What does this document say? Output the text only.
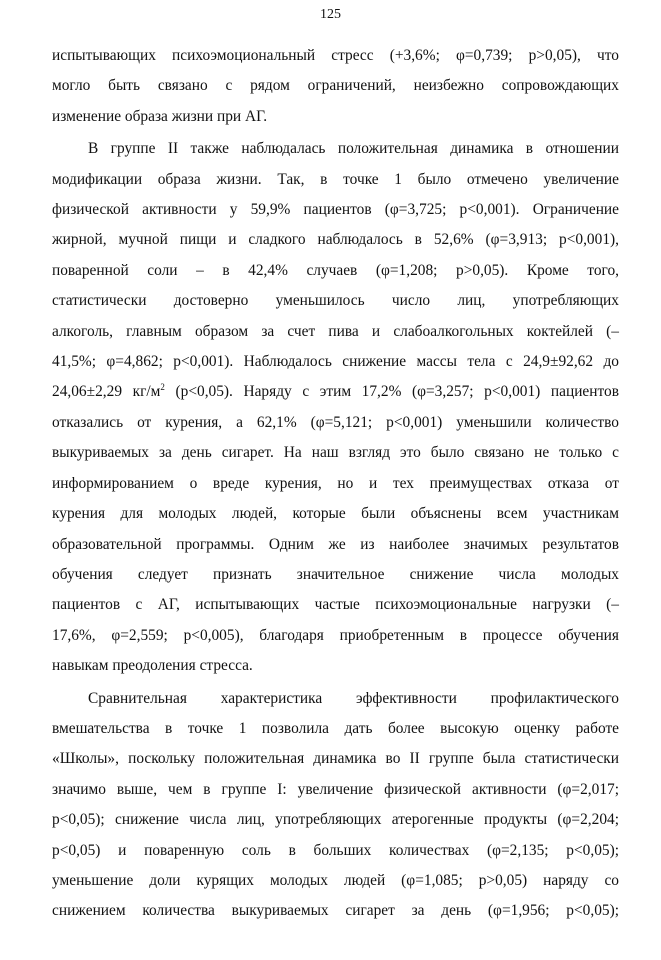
125

испытывающих психоэмоциональный стресс (+3,6%; φ=0,739; p>0,05), что
могло быть связано с рядом ограничений, неизбежно сопровождающих
изменение образа жизни при АГ.

В группе II также наблюдалась положительная динамика в отношении
модификации образа жизни. Так, в точке 1 было отмечено увеличение
физической активности у 59,9% пациентов (φ=3,725; p<0,001). Ограничение
жирной, мучной пищи и сладкого наблюдалось в 52,6% (φ=3,913; p<0,001),
поваренной соли – в 42,4% случаев (φ=1,208; p>0,05). Кроме того,
статистически достоверно уменьшилось число лиц, употребляющих
алкоголь, главным образом за счет пива и слабоалкогольных коктейлей (–
41,5%; φ=4,862; p<0,001). Наблюдалось снижение массы тела с 24,9±92,62 до
24,06±2,29 $кг/м^2$ (p<0,05). Наряду с этим 17,2% (φ=3,257; p<0,001) пациентов
отказались от курения, а 62,1% (φ=5,121; p<0,001) уменьшили количество
выкуриваемых за день сигарет. На наш взгляд это было связано не только с
информированием о вреде курения, но и тех преимуществах отказа от
курения для молодых людей, которые были объяснены всем участникам
образовательной программы. Одним же из наиболее значимых результатов
обучения следует признать значительное снижение числа молодых
пациентов с АГ, испытывающих частые психоэмоциональные нагрузки (–
17,6%, φ=2,559; p<0,005), благодаря приобретенным в процессе обучения
навыкам преодоления стресса.

Сравнительная характеристика эффективности профилактического
вмешательства в точке 1 позволила дать более высокую оценку работе
«Школы», поскольку положительная динамика во II группе была статистически
значимо выше, чем в группе I: увеличение физической активности (φ=2,017;
p<0,05); снижение числа лиц, употребляющих атерогенные продукты (φ=2,204;
p<0,05) и поваренную соль в больших количествах (φ=2,135; p<0,05);
уменьшение доли курящих молодых людей (φ=1,085; p>0,05) наряду со
снижением количества выкуриваемых сигарет за день (φ=1,956; p<0,05);
